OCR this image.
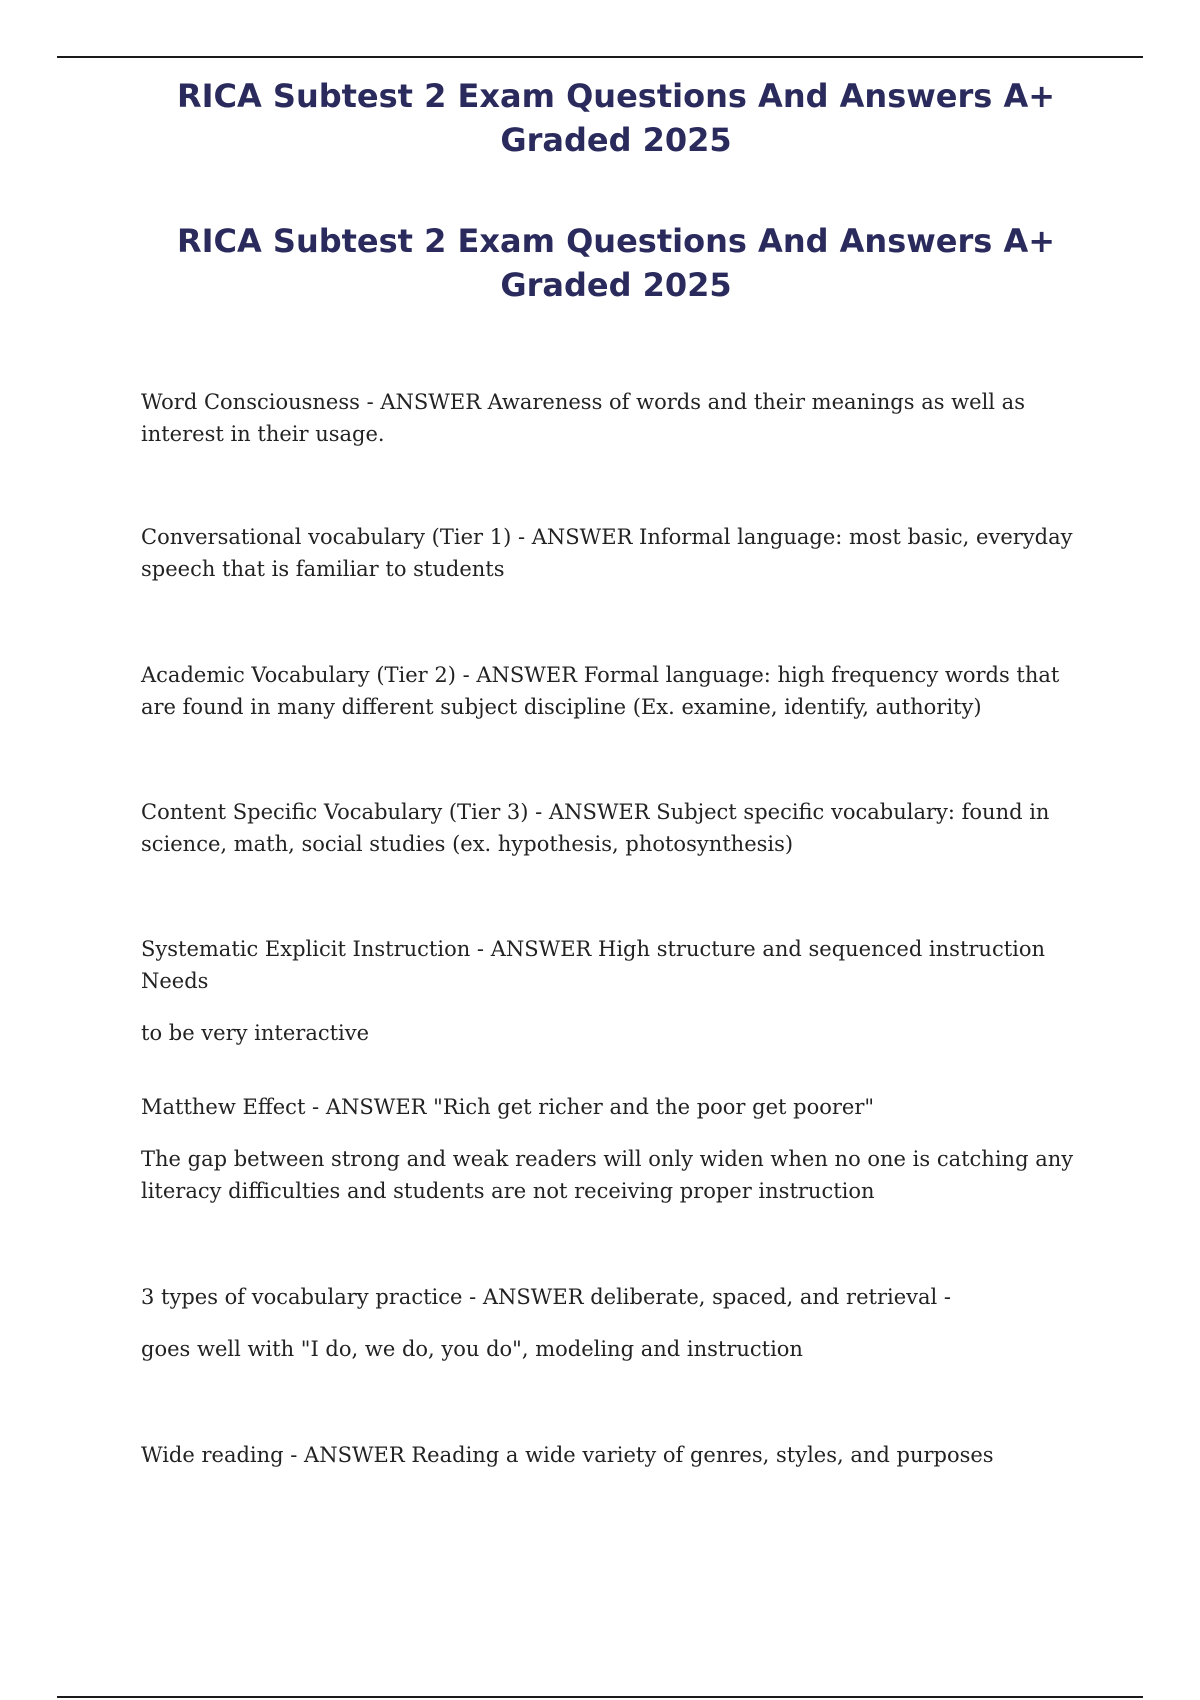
RICA Subtest 2 Exam Questions And Answers A+ Graded 2025
RICA Subtest 2 Exam Questions And Answers A+ Graded 2025

Word Consciousness - ANSWER Awareness of words and their meanings as well as interest in their usage.

Conversational vocabulary (Tier 1) - ANSWER Informal language: most basic, everyday speech that is familiar to students

Academic Vocabulary (Tier 2) - ANSWER Formal language: high frequency words that are found in many different subject discipline (Ex. examine, identify, authority)

Content Specific Vocabulary (Tier 3) - ANSWER Subject specific vocabulary: found in science, math, social studies (ex. hypothesis, photosynthesis)

Systematic Explicit Instruction - ANSWER High structure and sequenced instruction Needs

to be very interactive

Matthew Effect - ANSWER "Rich get richer and the poor get poorer"

The gap between strong and weak readers will only widen when no one is catching any literacy difficulties and students are not receiving proper instruction

3 types of vocabulary practice - ANSWER deliberate, spaced, and retrieval -

goes well with "I do, we do, you do", modeling and instruction

Wide reading - ANSWER Reading a wide variety of genres, styles, and purposes
